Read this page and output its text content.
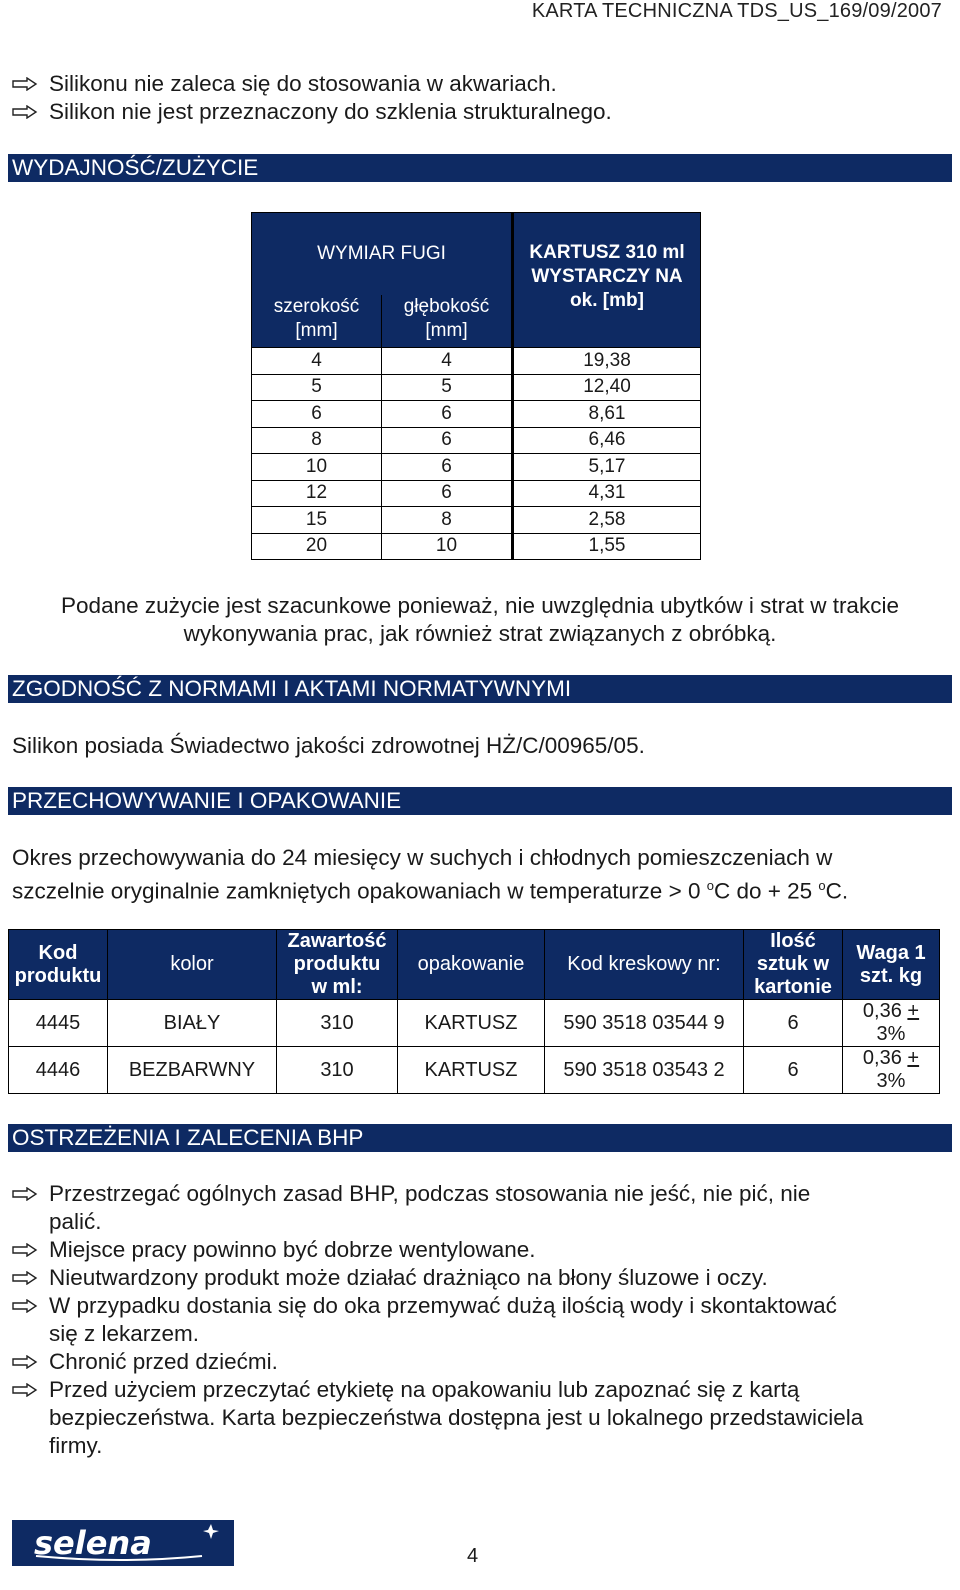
KARTA TECHNICZNA TDS_US_169/09/2007
Silikonu nie zaleca się do stosowania w akwariach.
Silikon nie jest przeznaczony do szklenia strukturalnego.
WYDAJNOŚĆ/ZUŻYCIE
WYMIAR FUGI		KARTUSZ 310 ml WYSTARCZY NA ok. [mb]
szerokość [mm]	głębokość [mm]	
4	4	19,38
5	5	12,40
6	6	8,61
8	6	6,46
10	6	5,17
12	6	4,31
15	8	2,58
20	10	1,55
Podane zużycie jest szacunkowe ponieważ, nie uwzględnia ubytków i strat w trakcie
wykonywania prac, jak również strat związanych z obróbką.
ZGODNOŚĆ Z NORMAMI I AKTAMI NORMATYWNYMI
Silikon posiada Świadectwo jakości zdrowotnej HŻ/C/00965/05.
PRZECHOWYWANIE I OPAKOWANIE
Okres przechowywania do 24 miesięcy w suchych i chłodnych pomieszczeniach w
szczelnie oryginalnie zamkniętych opakowaniach w temperaturze > 0 $^o$C do + 25 $^o$C.
Kod produktu	kolor	Zawartość produktu w ml:	opakowanie	Kod kreskowy nr:	Ilość sztuk w kartonie	Waga 1 szt. kg
4445	BIAŁY	310	KARTUSZ	590 3518 03544 9	6	0,36 +
3%
4446	BEZBARWNY	310	KARTUSZ	590 3518 03543 2	6	0,36 +
3%
OSTRZEŻENIA I ZALECENIA BHP
Przestrzegać ogólnych zasad BHP, podczas stosowania nie jeść, nie pić, nie
palić.
Miejsce pracy powinno być dobrze wentylowane.
Nieutwardzony produkt może działać drażniąco na błony śluzowe i oczy.
W przypadku dostania się do oka przemywać dużą ilością wody i skontaktować
się z lekarzem.
Chronić przed dziećmi.
Przed użyciem przeczytać etykietę na opakowaniu lub zapoznać się z kartą
bezpieczeństwa. Karta bezpieczeństwa dostępna jest u lokalnego przedstawiciela
firmy.
selena	4
